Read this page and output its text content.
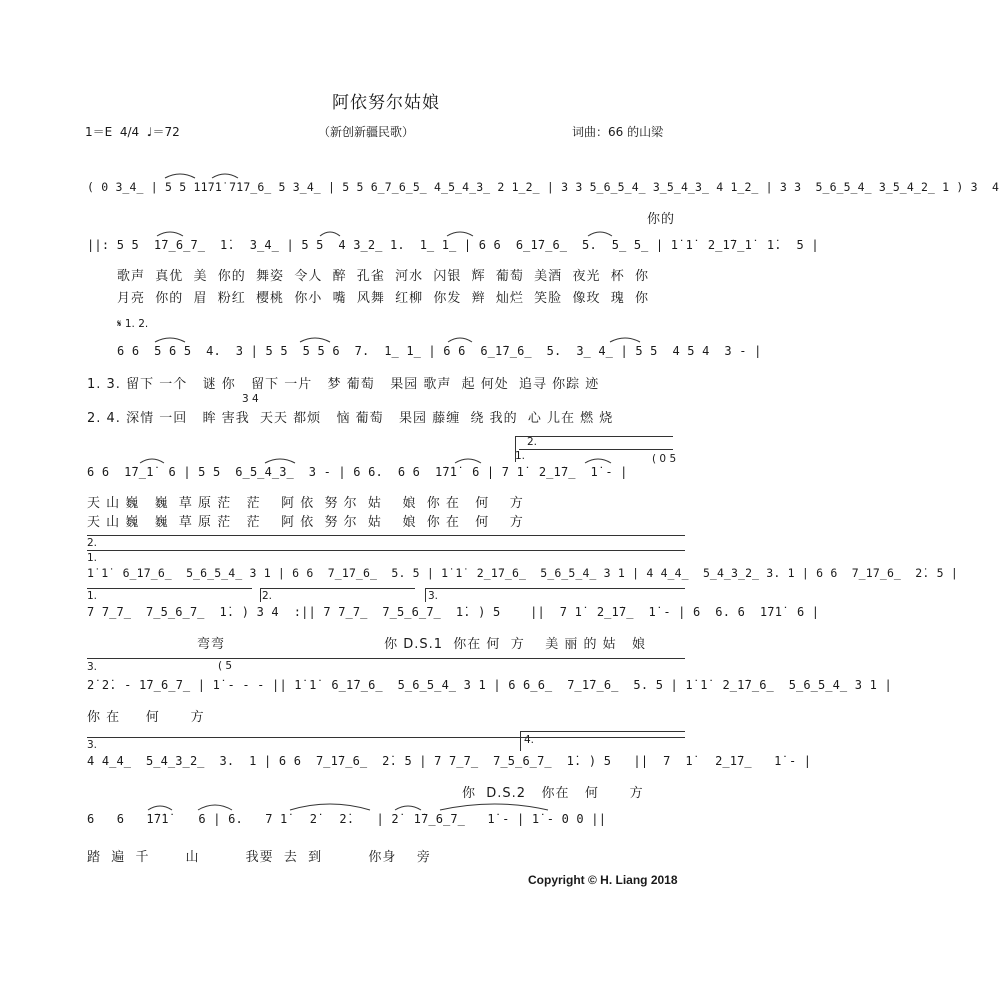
阿依努尔姑娘
1＝E  4/4  ♩＝72	（新创新疆民歌）	词曲：66 的山梁
( 0 3̲4̲ | 5 5 1̇1̇7̇1̇ 7̇1̇7̲6̲ 5 3̲4̲ | 5 5 6̲7̲6̲5̲ 4̲5̲4̲3̲ 2 1̲2̲ | 3 3 5̲6̲5̲4̲ 3̲5̲4̲3̲ 4 1̲2̲ | 3 3  5̲6̲5̲4̲ 3̲5̲4̲2̲ 1 ) 3  4
你的
||: 5 5  1̇7̲6̲7̲  1̇.  3̲4̲ | 5 5  4 3̲2̲ 1.  1̲ 1̲ | 6 6  6̲1̇7̲6̲  5.  5̲ 5̲ | 1̇ 1̇  2̲1̇7̲1̇  1̇.  5 |
歌声  真优  美  你的  舞姿  令人  醉  孔雀  河水  闪银  辉  葡萄  美酒  夜光  杯  你
月亮  你的  眉  粉红  樱桃  你小  嘴  风舞  红柳  你发  辫  灿烂  笑脸  像玫  瑰  你
𝄋 1. 2.
6 6  5 6 5  4.  3 | 5 5  5 5 6  7.  1̲ 1̲ | 6 6  6̲1̇7̲6̲  5.  3̲ 4̲ | 5 5  4 5 4  3 - |
1. 3. 留下 一个   谜 你   留下 一片   梦 葡萄   果园 歌声  起 何处  追寻 你踪 迹
3 4
2. 4. 深情 一回   眸 害我  天天 都烦   恼 葡萄   果园 藤缠  绕 我的  心 儿在 燃 烧
2.
1.	( 0 5
6 6  1̇7̲1̇  6 | 5 5  6̲5̲4̲3̲  3 - | 6 6.  6 6  1̇7̇1̇  6 | 7 1̇  2̲1̇7̲  1̇ - |
天 山 巍   巍  草 原 茫   茫    阿 依  努 尔  姑    娘  你 在   何    方
天 山 巍   巍  草 原 茫   茫    阿 依  努 尔  姑    娘  你 在   何    方
2.
1.
1̇ 1̇  6̲1̇7̲6̲  5̲6̲5̲4̲ 3 1 | 6 6  7̲1̇7̲6̲  5. 5 | 1̇ 1̇  2̲1̇7̲6̲  5̲6̲5̲4̲ 3 1 | 4 4̲4̲  5̲4̲3̲2̲ 3. 1 | 6 6  7̲1̇7̲6̲  2̇. 5 |
1.	2.	3.
7 7̲7̲  7̲5̲6̲7̲  1̇. ) 3 4  :|| 7 7̲7̲  7̲5̲6̲7̲  1̇. ) 5    ||  7 1̇  2̲1̇7̲  1̇ - | 6  6. 6  1̇7̇1̇  6 |
弯弯                               你 D.S.1  你在 何  方    美 丽 的 姑   娘
3.	( 5
2̇ 2̇. - 1̇7̲6̲7̲ | 1̇ - - - || 1̇ 1̇  6̲1̇7̲6̲  5̲6̲5̲4̲ 3 1 | 6 6̲6̲  7̲1̇7̲6̲  5. 5 | 1̇ 1̇  2̲1̇7̲6̲  5̲6̲5̲4̲ 3 1 |
你 在     何      方
3.	4.
4 4̲4̲  5̲4̲3̲2̲  3.  1 | 6 6  7̲1̇7̲6̲  2̇. 5 | 7 7̲7̲  7̲5̲6̲7̲  1̇. ) 5   ||  7  1̇   2̲1̇7̲   1̇ - |
你  D.S.2   你在   何      方
6   6   1̇7̇1̇    6 | 6.   7 1̇   2̇   2̇.   | 2̇  1̇7̲6̲7̲   1̇ - | 1̇ - 0 0 ||
踏  遍  千       山         我要  去  到         你身    旁
Copyright © H. Liang 2018
